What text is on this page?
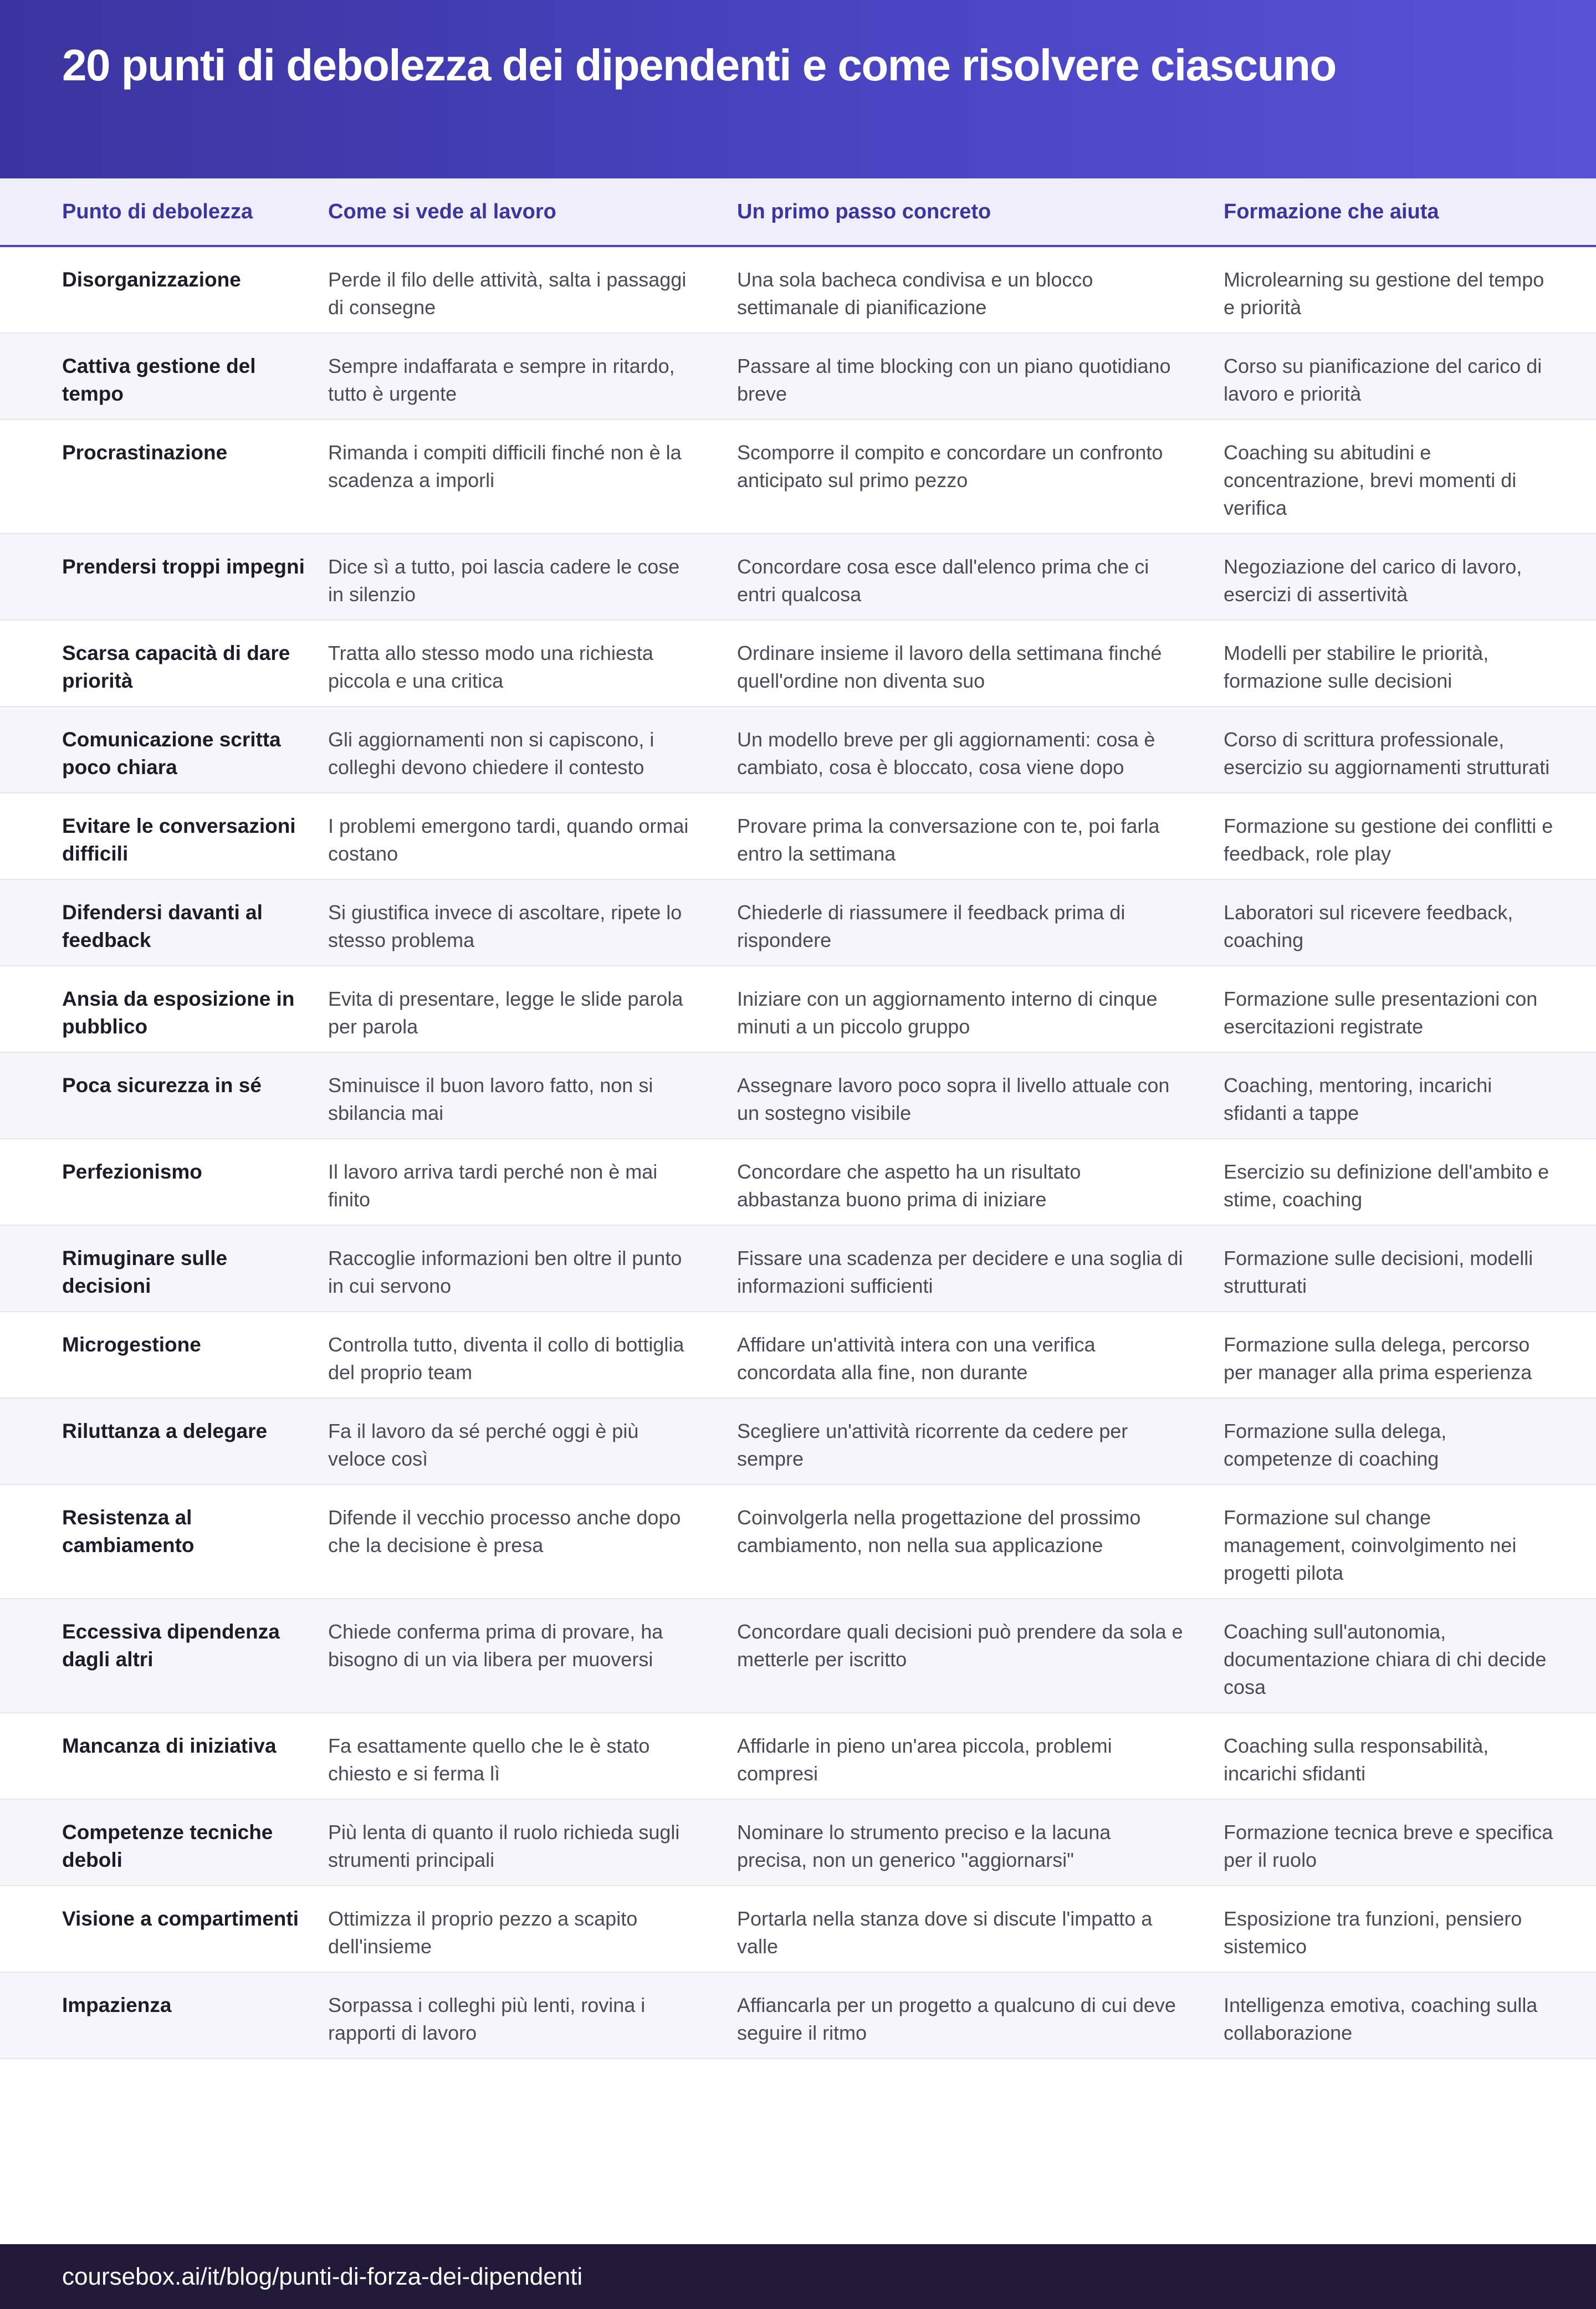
20 punti di debolezza dei dipendenti e come risolvere ciascuno
Punto di debolezza	Come si vede al lavoro	Un primo passo concreto	Formazione che aiuta
Disorganizzazione	Perde il filo delle attività, salta i passaggi di consegne	Una sola bacheca condivisa e un blocco settimanale di pianificazione	Microlearning su gestione del tempo e priorità
Cattiva gestione del tempo	Sempre indaffarata e sempre in ritardo, tutto è urgente	Passare al time blocking con un piano quotidiano breve	Corso su pianificazione del carico di lavoro e priorità
Procrastinazione	Rimanda i compiti difficili finché non è la scadenza a imporli	Scomporre il compito e concordare un confronto anticipato sul primo pezzo	Coaching su abitudini e concentrazione, brevi momenti di verifica
Prendersi troppi impegni	Dice sì a tutto, poi lascia cadere le cose in silenzio	Concordare cosa esce dall'elenco prima che ci entri qualcosa	Negoziazione del carico di lavoro, esercizi di assertività
Scarsa capacità di dare priorità	Tratta allo stesso modo una richiesta piccola e una critica	Ordinare insieme il lavoro della settimana finché quell'ordine non diventa suo	Modelli per stabilire le priorità, formazione sulle decisioni
Comunicazione scritta poco chiara	Gli aggiornamenti non si capiscono, i colleghi devono chiedere il contesto	Un modello breve per gli aggiornamenti: cosa è cambiato, cosa è bloccato, cosa viene dopo	Corso di scrittura professionale, esercizio su aggiornamenti strutturati
Evitare le conversazioni difficili	I problemi emergono tardi, quando ormai costano	Provare prima la conversazione con te, poi farla entro la settimana	Formazione su gestione dei conflitti e feedback, role play
Difendersi davanti al feedback	Si giustifica invece di ascoltare, ripete lo stesso problema	Chiederle di riassumere il feedback prima di rispondere	Laboratori sul ricevere feedback, coaching
Ansia da esposizione in pubblico	Evita di presentare, legge le slide parola per parola	Iniziare con un aggiornamento interno di cinque minuti a un piccolo gruppo	Formazione sulle presentazioni con esercitazioni registrate
Poca sicurezza in sé	Sminuisce il buon lavoro fatto, non si sbilancia mai	Assegnare lavoro poco sopra il livello attuale con un sostegno visibile	Coaching, mentoring, incarichi sfidanti a tappe
Perfezionismo	Il lavoro arriva tardi perché non è mai finito	Concordare che aspetto ha un risultato abbastanza buono prima di iniziare	Esercizio su definizione dell'ambito e stime, coaching
Rimuginare sulle decisioni	Raccoglie informazioni ben oltre il punto in cui servono	Fissare una scadenza per decidere e una soglia di informazioni sufficienti	Formazione sulle decisioni, modelli strutturati
Microgestione	Controlla tutto, diventa il collo di bottiglia del proprio team	Affidare un'attività intera con una verifica concordata alla fine, non durante	Formazione sulla delega, percorso per manager alla prima esperienza
Riluttanza a delegare	Fa il lavoro da sé perché oggi è più veloce così	Scegliere un'attività ricorrente da cedere per sempre	Formazione sulla delega, competenze di coaching
Resistenza al cambiamento	Difende il vecchio processo anche dopo che la decisione è presa	Coinvolgerla nella progettazione del prossimo cambiamento, non nella sua applicazione	Formazione sul change management, coinvolgimento nei progetti pilota
Eccessiva dipendenza dagli altri	Chiede conferma prima di provare, ha bisogno di un via libera per muoversi	Concordare quali decisioni può prendere da sola e metterle per iscritto	Coaching sull'autonomia, documentazione chiara di chi decide cosa
Mancanza di iniziativa	Fa esattamente quello che le è stato chiesto e si ferma lì	Affidarle in pieno un'area piccola, problemi compresi	Coaching sulla responsabilità, incarichi sfidanti
Competenze tecniche deboli	Più lenta di quanto il ruolo richieda sugli strumenti principali	Nominare lo strumento preciso e la lacuna precisa, non un generico "aggiornarsi"	Formazione tecnica breve e specifica per il ruolo
Visione a compartimenti	Ottimizza il proprio pezzo a scapito dell'insieme	Portarla nella stanza dove si discute l'impatto a valle	Esposizione tra funzioni, pensiero sistemico
Impazienza	Sorpassa i colleghi più lenti, rovina i rapporti di lavoro	Affiancarla per un progetto a qualcuno di cui deve seguire il ritmo	Intelligenza emotiva, coaching sulla collaborazione
coursebox.ai/it/blog/punti-di-forza-dei-dipendenti
